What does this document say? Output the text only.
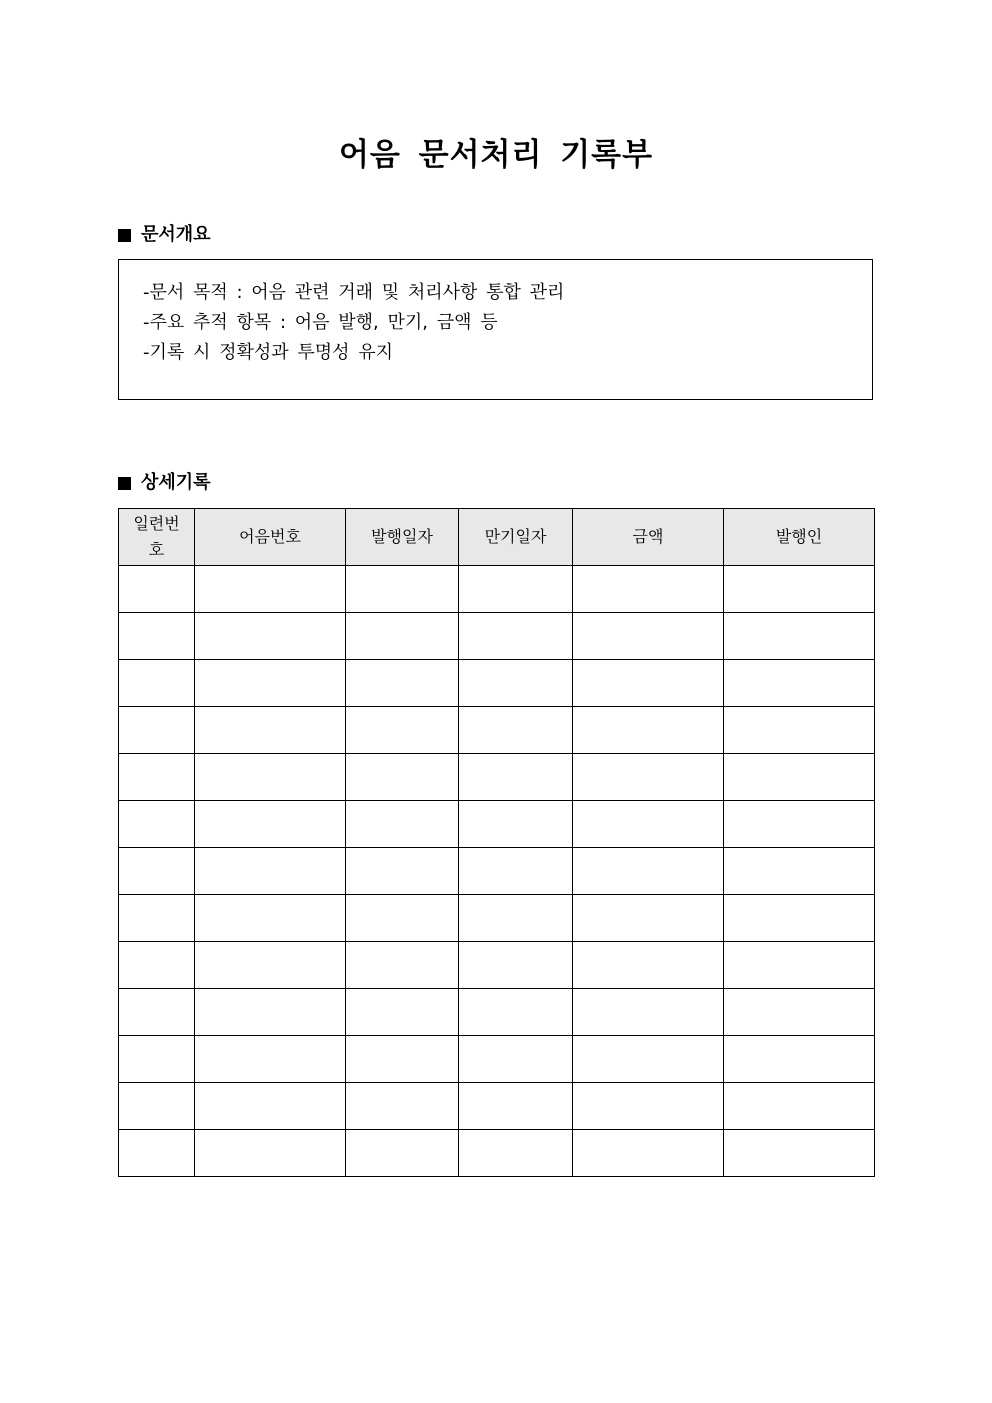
어음 문서처리 기록부
문서개요
-문서 목적 : 어음 관련 거래 및 처리사항 통합 관리
-주요 추적 항목 : 어음 발행, 만기, 금액 등
-기록 시 정확성과 투명성 유지
상세기록
일련번호	어음번호	발행일자	만기일자	금액	발행인
